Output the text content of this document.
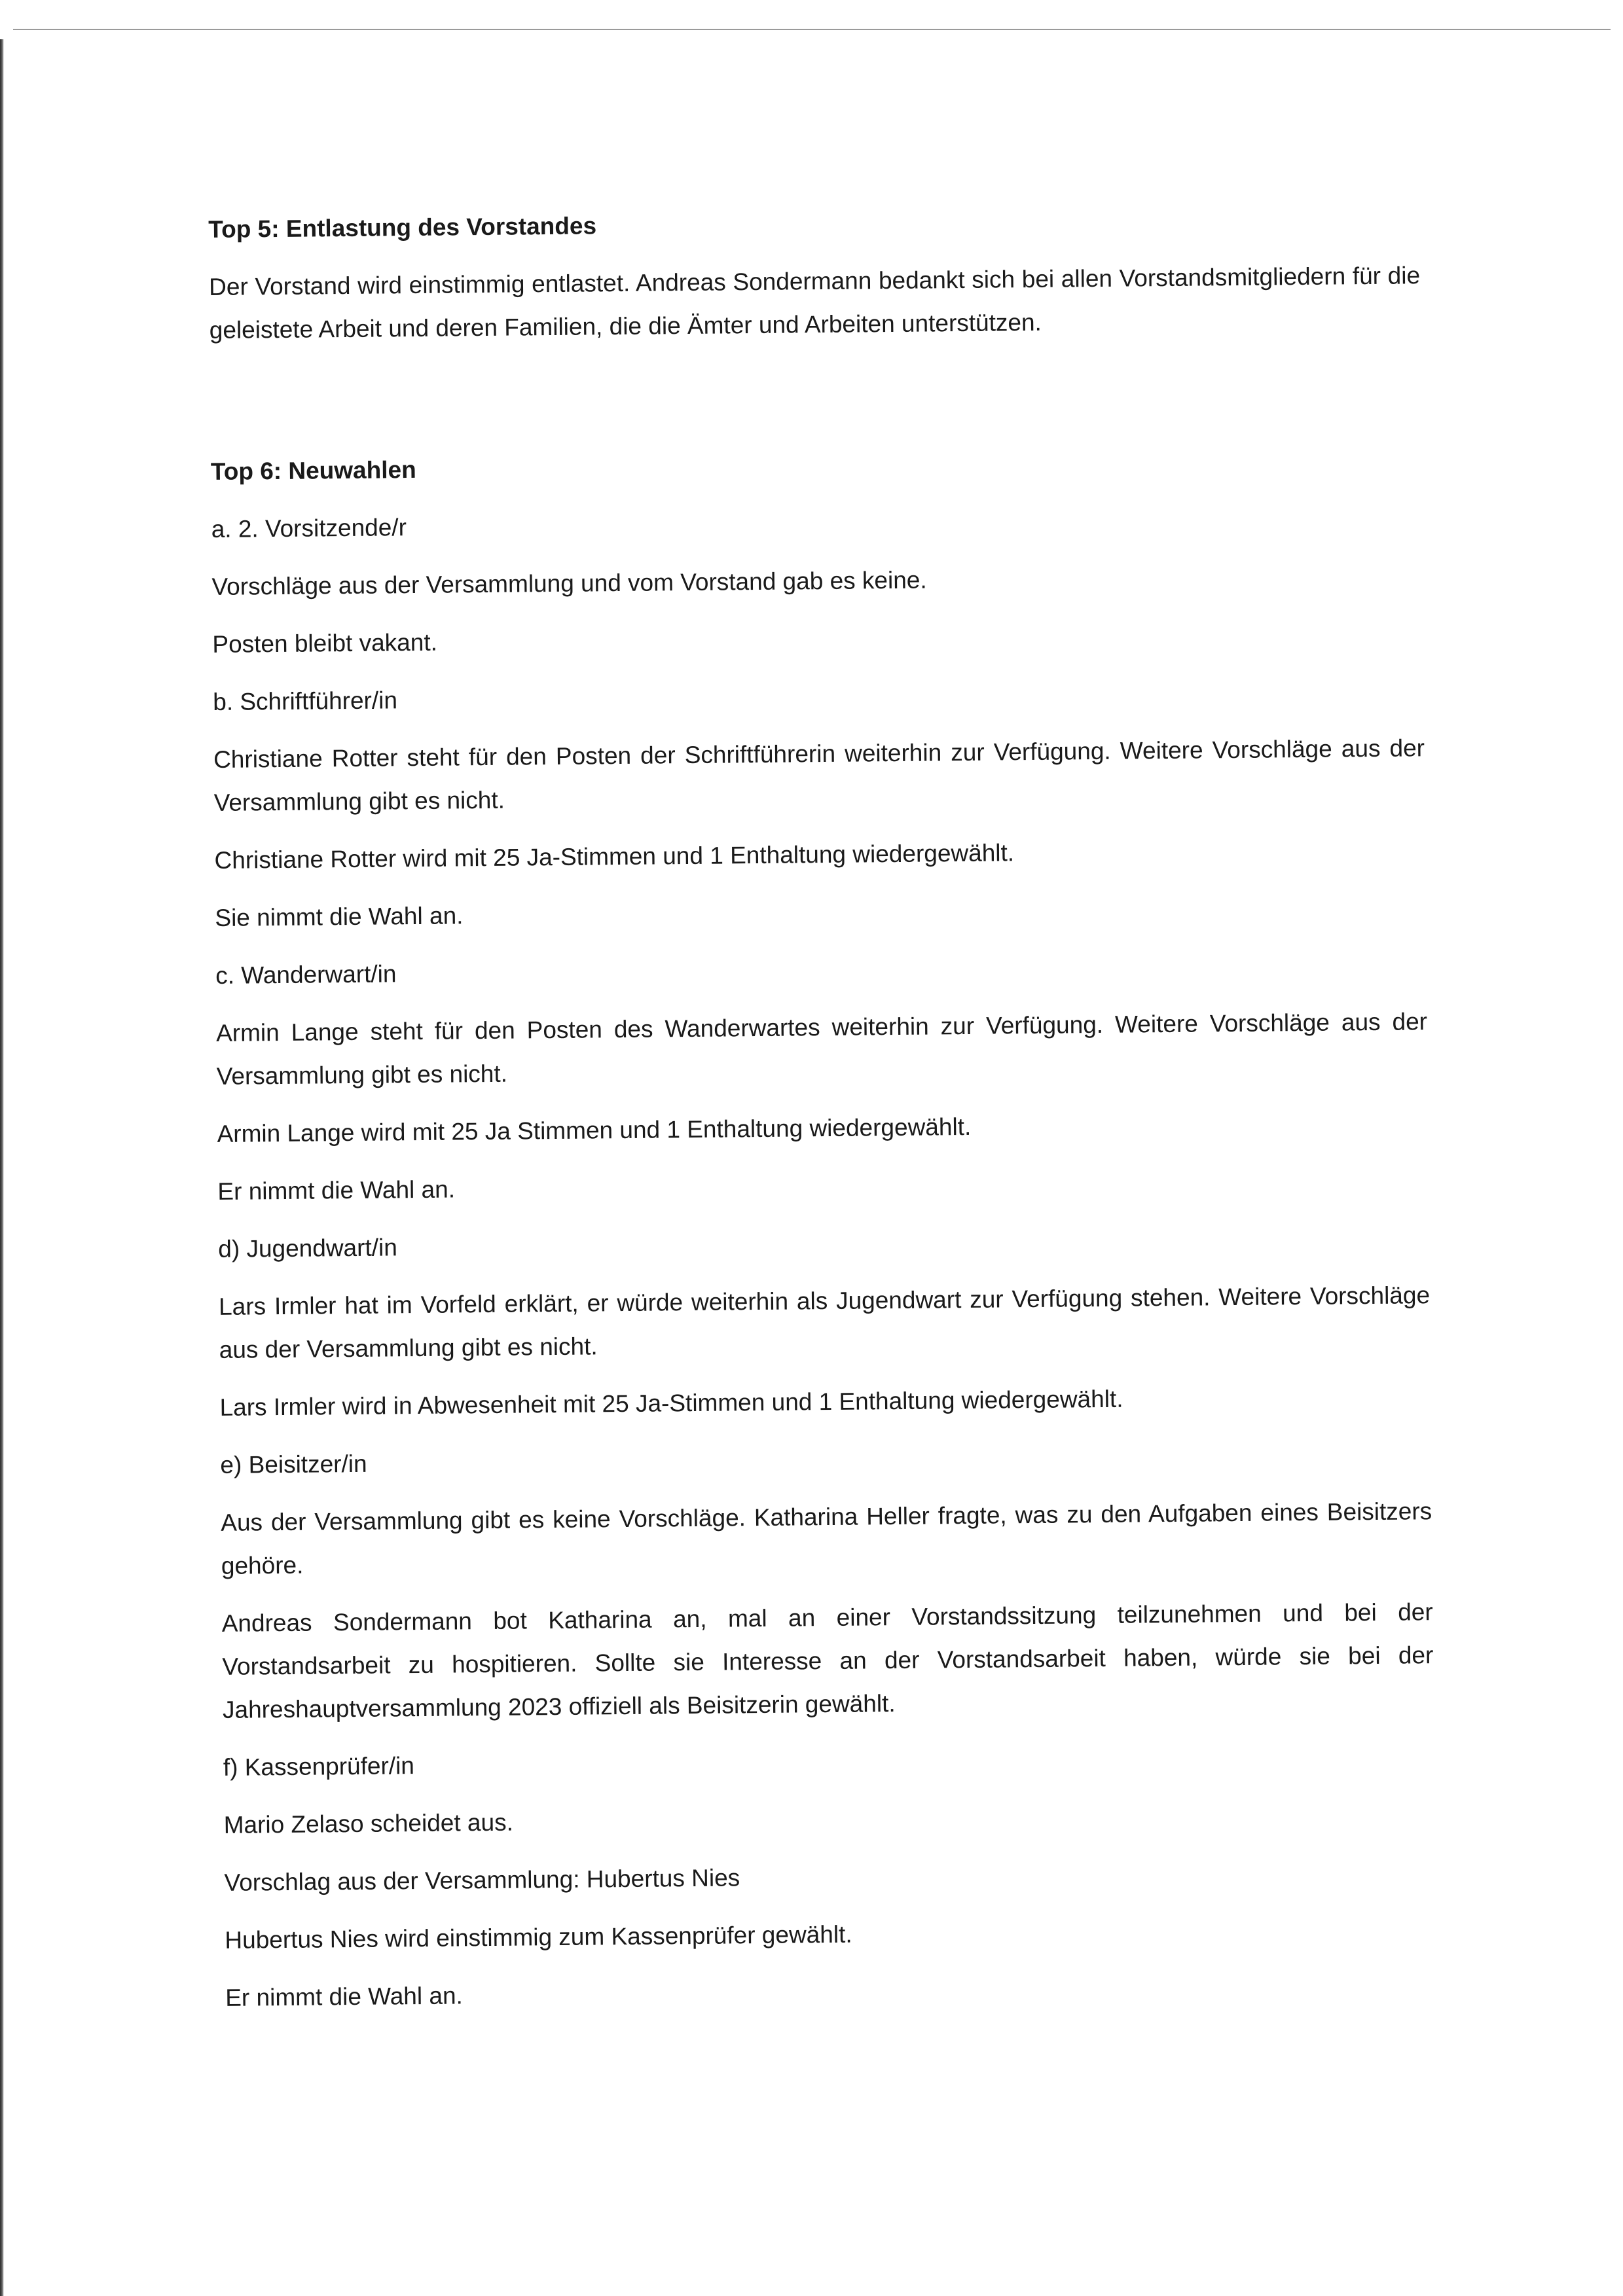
Top 5: Entlastung des Vorstandes

Der Vorstand wird einstimmig entlastet. Andreas Sondermann bedankt sich bei allen Vorstandsmitgliedern für die geleistete Arbeit und deren Familien, die die Ämter und Arbeiten unterstützen.

Top 6: Neuwahlen

a. 2. Vorsitzende/r

Vorschläge aus der Versammlung und vom Vorstand gab es keine.

Posten bleibt vakant.

b. Schriftführer/in

Christiane Rotter steht für den Posten der Schriftführerin weiterhin zur Verfügung. Weitere Vorschläge aus der Versammlung gibt es nicht.

Christiane Rotter wird mit 25 Ja-Stimmen und 1 Enthaltung wiedergewählt.

Sie nimmt die Wahl an.

c. Wanderwart/in

Armin Lange steht für den Posten des Wanderwartes weiterhin zur Verfügung. Weitere Vorschläge aus der Versammlung gibt es nicht.

Armin Lange wird mit 25 Ja Stimmen und 1 Enthaltung wiedergewählt.

Er nimmt die Wahl an.

d) Jugendwart/in

Lars Irmler hat im Vorfeld erklärt, er würde weiterhin als Jugendwart zur Verfügung stehen. Weitere Vorschläge aus der Versammlung gibt es nicht.

Lars Irmler wird in Abwesenheit mit 25 Ja-Stimmen und 1 Enthaltung wiedergewählt.

e) Beisitzer/in

Aus der Versammlung gibt es keine Vorschläge. Katharina Heller fragte, was zu den Aufgaben eines Beisitzers gehöre.

Andreas Sondermann bot Katharina an, mal an einer Vorstandssitzung teilzunehmen und bei der Vorstandsarbeit zu hospitieren. Sollte sie Interesse an der Vorstandsarbeit haben, würde sie bei der Jahreshauptversammlung 2023 offiziell als Beisitzerin gewählt.

f) Kassenprüfer/in

Mario Zelaso scheidet aus.

Vorschlag aus der Versammlung: Hubertus Nies

Hubertus Nies wird einstimmig zum Kassenprüfer gewählt.

Er nimmt die Wahl an.
